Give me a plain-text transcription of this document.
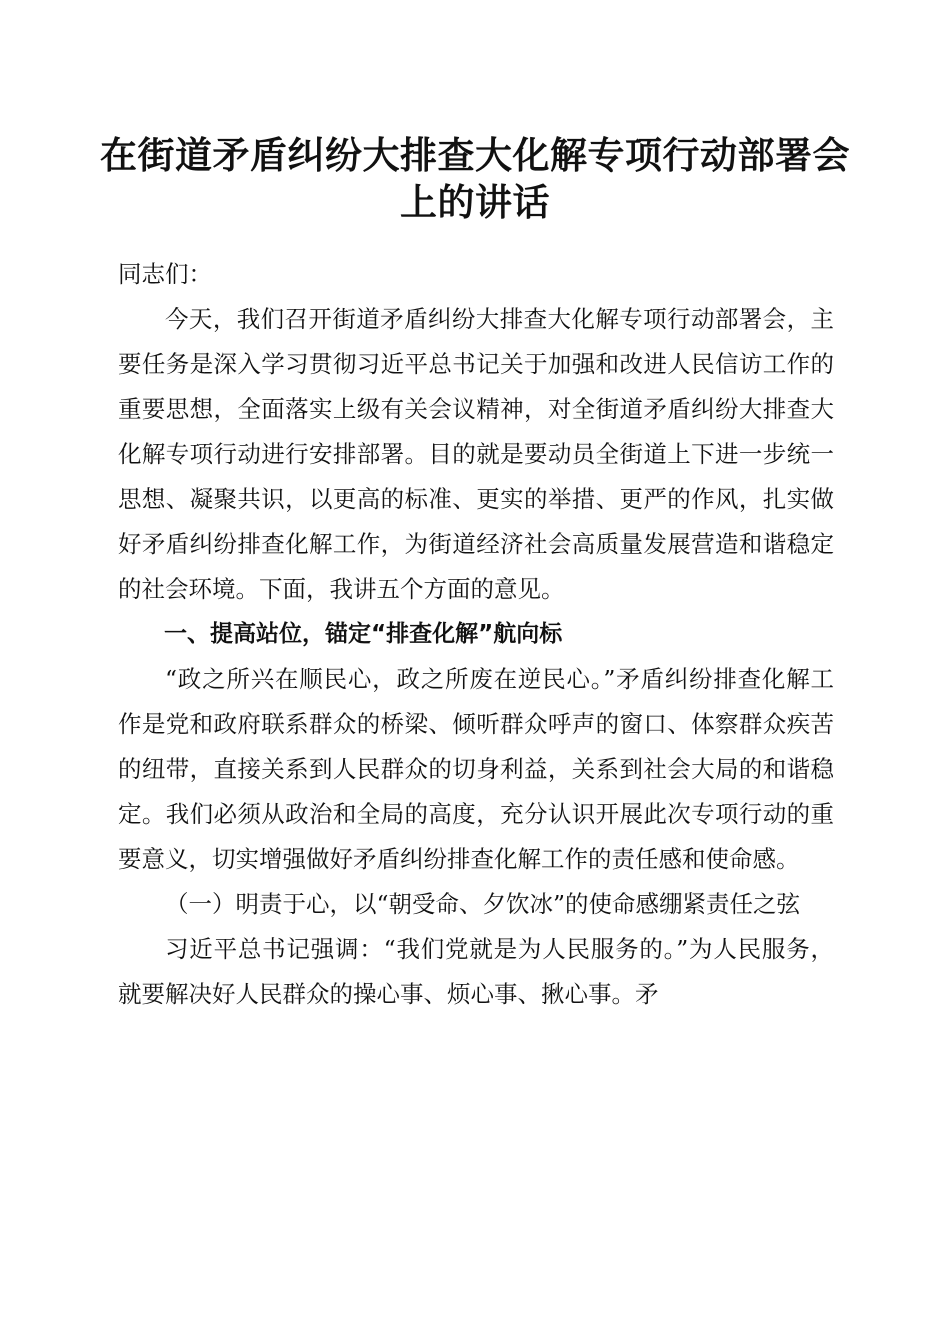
在街道矛盾纠纷大排查大化解专项行动部署会
上的讲话

同志们：

今天，我们召开街道矛盾纠纷大排查大化解专项行动部署会，主要任务是深入学习贯彻习近平总书记关于加强和改进人民信访工作的重要思想，全面落实上级有关会议精神，对全街道矛盾纠纷大排查大化解专项行动进行安排部署。目的就是要动员全街道上下进一步统一思想、凝聚共识，以更高的标准、更实的举措、更严的作风，扎实做好矛盾纠纷排查化解工作，为街道经济社会高质量发展营造和谐稳定的社会环境。下面，我讲五个方面的意见。

一、提高站位，锚定“排查化解”航向标

“政之所兴在顺民心，政之所废在逆民心。”矛盾纠纷排查化解工作是党和政府联系群众的桥梁、倾听群众呼声的窗口、体察群众疾苦的纽带，直接关系到人民群众的切身利益，关系到社会大局的和谐稳定。我们必须从政治和全局的高度，充分认识开展此次专项行动的重要意义，切实增强做好矛盾纠纷排查化解工作的责任感和使命感。

（一）明责于心，以“朝受命、夕饮冰”的使命感绷紧责任之弦

习近平总书记强调：“我们党就是为人民服务的。”为人民服务，就要解决好人民群众的操心事、烦心事、揪心事。矛
